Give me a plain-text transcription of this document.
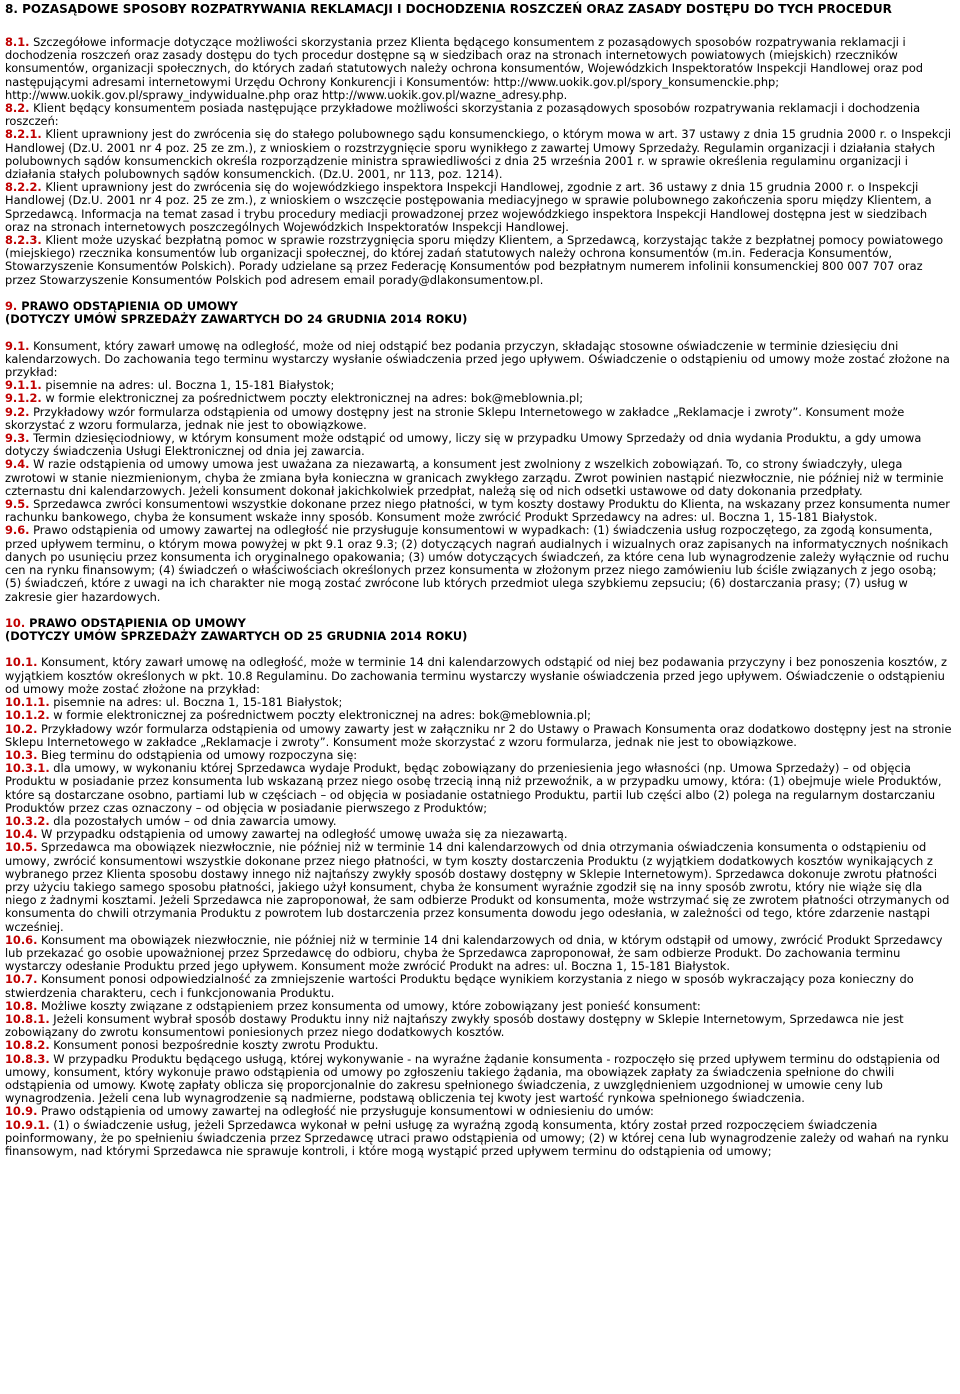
8. POZASĄDOWE SPOSOBY ROZPATRYWANIA REKLAMACJI I DOCHODZENIA ROSZCZEŃ ORAZ ZASADY DOSTĘPU DO TYCH PROCEDUR

8.1. Szczegółowe informacje dotyczące możliwości skorzystania przez Klienta będącego konsumentem z pozasądowych sposobów rozpatrywania reklamacji i dochodzenia roszczeń oraz zasady dostępu do tych procedur dostępne są w siedzibach oraz na stronach internetowych powiatowych (miejskich) rzeczników konsumentów, organizacji społecznych, do których zadań statutowych należy ochrona konsumentów, Wojewódzkich Inspektoratów Inspekcji Handlowej oraz pod następującymi adresami internetowymi Urzędu Ochrony Konkurencji i Konsumentów: http://www.uokik.gov.pl/spory_konsumenckie.php; http://www.uokik.gov.pl/sprawy_indywidualne.php oraz http://www.uokik.gov.pl/wazne_adresy.php.

8.2. Klient będący konsumentem posiada następujące przykładowe możliwości skorzystania z pozasądowych sposobów rozpatrywania reklamacji i dochodzenia roszczeń:

8.2.1. Klient uprawniony jest do zwrócenia się do stałego polubownego sądu konsumenckiego, o którym mowa w art. 37 ustawy z dnia 15 grudnia 2000 r. o Inspekcji Handlowej (Dz.U. 2001 nr 4 poz. 25 ze zm.), z wnioskiem o rozstrzygnięcie sporu wynikłego z zawartej Umowy Sprzedaży. Regulamin organizacji i działania stałych polubownych sądów konsumenckich określa rozporządzenie ministra sprawiedliwości z dnia 25 września 2001 r. w sprawie określenia regulaminu organizacji i działania stałych polubownych sądów konsumenckich. (Dz.U. 2001, nr 113, poz. 1214).

8.2.2. Klient uprawniony jest do zwrócenia się do wojewódzkiego inspektora Inspekcji Handlowej, zgodnie z art. 36 ustawy z dnia 15 grudnia 2000 r. o Inspekcji Handlowej (Dz.U. 2001 nr 4 poz. 25 ze zm.), z wnioskiem o wszczęcie postępowania mediacyjnego w sprawie polubownego zakończenia sporu między Klientem, a Sprzedawcą. Informacja na temat zasad i trybu procedury mediacji prowadzonej przez wojewódzkiego inspektora Inspekcji Handlowej dostępna jest w siedzibach oraz na stronach internetowych poszczególnych Wojewódzkich Inspektoratów Inspekcji Handlowej.

8.2.3. Klient może uzyskać bezpłatną pomoc w sprawie rozstrzygnięcia sporu między Klientem, a Sprzedawcą, korzystając także z bezpłatnej pomocy powiatowego (miejskiego) rzecznika konsumentów lub organizacji społecznej, do której zadań statutowych należy ochrona konsumentów (m.in. Federacja Konsumentów, Stowarzyszenie Konsumentów Polskich). Porady udzielane są przez Federację Konsumentów pod bezpłatnym numerem infolinii konsumenckiej 800 007 707 oraz przez Stowarzyszenie Konsumentów Polskich pod adresem email porady@dlakonsumentow.pl.

9. PRAWO ODSTĄPIENIA OD UMOWY

(DOTYCZY UMÓW SPRZEDAŻY ZAWARTYCH DO 24 GRUDNIA 2014 ROKU)

9.1. Konsument, który zawarł umowę na odległość, może od niej odstąpić bez podania przyczyn, składając stosowne oświadczenie w terminie dziesięciu dni kalendarzowych. Do zachowania tego terminu wystarczy wysłanie oświadczenia przed jego upływem. Oświadczenie o odstąpieniu od umowy może zostać złożone na przykład:

9.1.1. pisemnie na adres: ul. Boczna 1, 15-181 Białystok;

9.1.2. w formie elektronicznej za pośrednictwem poczty elektronicznej na adres: bok@meblownia.pl;

9.2. Przykładowy wzór formularza odstąpienia od umowy dostępny jest na stronie Sklepu Internetowego w zakładce „Reklamacje i zwroty”. Konsument może skorzystać z wzoru formularza, jednak nie jest to obowiązkowe.

9.3. Termin dziesięciodniowy, w którym konsument może odstąpić od umowy, liczy się w przypadku Umowy Sprzedaży od dnia wydania Produktu, a gdy umowa dotyczy świadczenia Usługi Elektronicznej od dnia jej zawarcia.

9.4. W razie odstąpienia od umowy umowa jest uważana za niezawartą, a konsument jest zwolniony z wszelkich zobowiązań. To, co strony świadczyły, ulega zwrotowi w stanie niezmienionym, chyba że zmiana była konieczna w granicach zwykłego zarządu. Zwrot powinien nastąpić niezwłocznie, nie później niż w terminie czternastu dni kalendarzowych. Jeżeli konsument dokonał jakichkolwiek przedpłat, należą się od nich odsetki ustawowe od daty dokonania przedpłaty.

9.5. Sprzedawca zwróci konsumentowi wszystkie dokonane przez niego płatności, w tym koszty dostawy Produktu do Klienta, na wskazany przez konsumenta numer rachunku bankowego, chyba że konsument wskaże inny sposób. Konsument może zwrócić Produkt Sprzedawcy na adres: ul. Boczna 1, 15-181 Białystok.

9.6. Prawo odstąpienia od umowy zawartej na odległość nie przysługuje konsumentowi w wypadkach: (1) świadczenia usług rozpoczętego, za zgodą konsumenta, przed upływem terminu, o którym mowa powyżej w pkt 9.1 oraz 9.3; (2) dotyczących nagrań audialnych i wizualnych oraz zapisanych na informatycznych nośnikach danych po usunięciu przez konsumenta ich oryginalnego opakowania; (3) umów dotyczących świadczeń, za które cena lub wynagrodzenie zależy wyłącznie od ruchu cen na rynku finansowym; (4) świadczeń o właściwościach określonych przez konsumenta w złożonym przez niego zamówieniu lub ściśle związanych z jego osobą; (5) świadczeń, które z uwagi na ich charakter nie mogą zostać zwrócone lub których przedmiot ulega szybkiemu zepsuciu; (6) dostarczania prasy; (7) usług w zakresie gier hazardowych.

10. PRAWO ODSTĄPIENIA OD UMOWY

(DOTYCZY UMÓW SPRZEDAŻY ZAWARTYCH OD 25 GRUDNIA 2014 ROKU)

10.1. Konsument, który zawarł umowę na odległość, może w terminie 14 dni kalendarzowych odstąpić od niej bez podawania przyczyny i bez ponoszenia kosztów, z wyjątkiem kosztów określonych w pkt. 10.8 Regulaminu. Do zachowania terminu wystarczy wysłanie oświadczenia przed jego upływem. Oświadczenie o odstąpieniu od umowy może zostać złożone na przykład:

10.1.1. pisemnie na adres: ul. Boczna 1, 15-181 Białystok;

10.1.2. w formie elektronicznej za pośrednictwem poczty elektronicznej na adres: bok@meblownia.pl;

10.2. Przykładowy wzór formularza odstąpienia od umowy zawarty jest w załączniku nr 2 do Ustawy o Prawach Konsumenta oraz dodatkowo dostępny jest na stronie Sklepu Internetowego w zakładce „Reklamacje i zwroty”. Konsument może skorzystać z wzoru formularza, jednak nie jest to obowiązkowe.

10.3. Bieg terminu do odstąpienia od umowy rozpoczyna się:

10.3.1. dla umowy, w wykonaniu której Sprzedawca wydaje Produkt, będąc zobowiązany do przeniesienia jego własności (np. Umowa Sprzedaży) – od objęcia Produktu w posiadanie przez konsumenta lub wskazaną przez niego osobę trzecią inną niż przewoźnik, a w przypadku umowy, która: (1) obejmuje wiele Produktów, które są dostarczane osobno, partiami lub w częściach – od objęcia w posiadanie ostatniego Produktu, partii lub części albo (2) polega na regularnym dostarczaniu Produktów przez czas oznaczony – od objęcia w posiadanie pierwszego z Produktów;

10.3.2. dla pozostałych umów – od dnia zawarcia umowy.

10.4. W przypadku odstąpienia od umowy zawartej na odległość umowę uważa się za niezawartą.

10.5. Sprzedawca ma obowiązek niezwłocznie, nie później niż w terminie 14 dni kalendarzowych od dnia otrzymania oświadczenia konsumenta o odstąpieniu od umowy, zwrócić konsumentowi wszystkie dokonane przez niego płatności, w tym koszty dostarczenia Produktu (z wyjątkiem dodatkowych kosztów wynikających z wybranego przez Klienta sposobu dostawy innego niż najtańszy zwykły sposób dostawy dostępny w Sklepie Internetowym). Sprzedawca dokonuje zwrotu płatności przy użyciu takiego samego sposobu płatności, jakiego użył konsument, chyba że konsument wyraźnie zgodził się na inny sposób zwrotu, który nie wiąże się dla niego z żadnymi kosztami. Jeżeli Sprzedawca nie zaproponował, że sam odbierze Produkt od konsumenta, może wstrzymać się ze zwrotem płatności otrzymanych od konsumenta do chwili otrzymania Produktu z powrotem lub dostarczenia przez konsumenta dowodu jego odesłania, w zależności od tego, które zdarzenie nastąpi wcześniej.

10.6. Konsument ma obowiązek niezwłocznie, nie później niż w terminie 14 dni kalendarzowych od dnia, w którym odstąpił od umowy, zwrócić Produkt Sprzedawcy lub przekazać go osobie upoważnionej przez Sprzedawcę do odbioru, chyba że Sprzedawca zaproponował, że sam odbierze Produkt. Do zachowania terminu wystarczy odesłanie Produktu przed jego upływem. Konsument może zwrócić Produkt na adres: ul. Boczna 1, 15-181 Białystok.

10.7. Konsument ponosi odpowiedzialność za zmniejszenie wartości Produktu będące wynikiem korzystania z niego w sposób wykraczający poza konieczny do stwierdzenia charakteru, cech i funkcjonowania Produktu.

10.8. Możliwe koszty związane z odstąpieniem przez konsumenta od umowy, które zobowiązany jest ponieść konsument:

10.8.1. Jeżeli konsument wybrał sposób dostawy Produktu inny niż najtańszy zwykły sposób dostawy dostępny w Sklepie Internetowym, Sprzedawca nie jest zobowiązany do zwrotu konsumentowi poniesionych przez niego dodatkowych kosztów.

10.8.2. Konsument ponosi bezpośrednie koszty zwrotu Produktu.

10.8.3. W przypadku Produktu będącego usługą, której wykonywanie - na wyraźne żądanie konsumenta - rozpoczęło się przed upływem terminu do odstąpienia od umowy, konsument, który wykonuje prawo odstąpienia od umowy po zgłoszeniu takiego żądania, ma obowiązek zapłaty za świadczenia spełnione do chwili odstąpienia od umowy. Kwotę zapłaty oblicza się proporcjonalnie do zakresu spełnionego świadczenia, z uwzględnieniem uzgodnionej w umowie ceny lub wynagrodzenia. Jeżeli cena lub wynagrodzenie są nadmierne, podstawą obliczenia tej kwoty jest wartość rynkowa spełnionego świadczenia.

10.9. Prawo odstąpienia od umowy zawartej na odległość nie przysługuje konsumentowi w odniesieniu do umów:

10.9.1. (1) o świadczenie usług, jeżeli Sprzedawca wykonał w pełni usługę za wyraźną zgodą konsumenta, który został przed rozpoczęciem świadczenia poinformowany, że po spełnieniu świadczenia przez Sprzedawcę utraci prawo odstąpienia od umowy; (2) w której cena lub wynagrodzenie zależy od wahań na rynku finansowym, nad którymi Sprzedawca nie sprawuje kontroli, i które mogą wystąpić przed upływem terminu do odstąpienia od umowy;
